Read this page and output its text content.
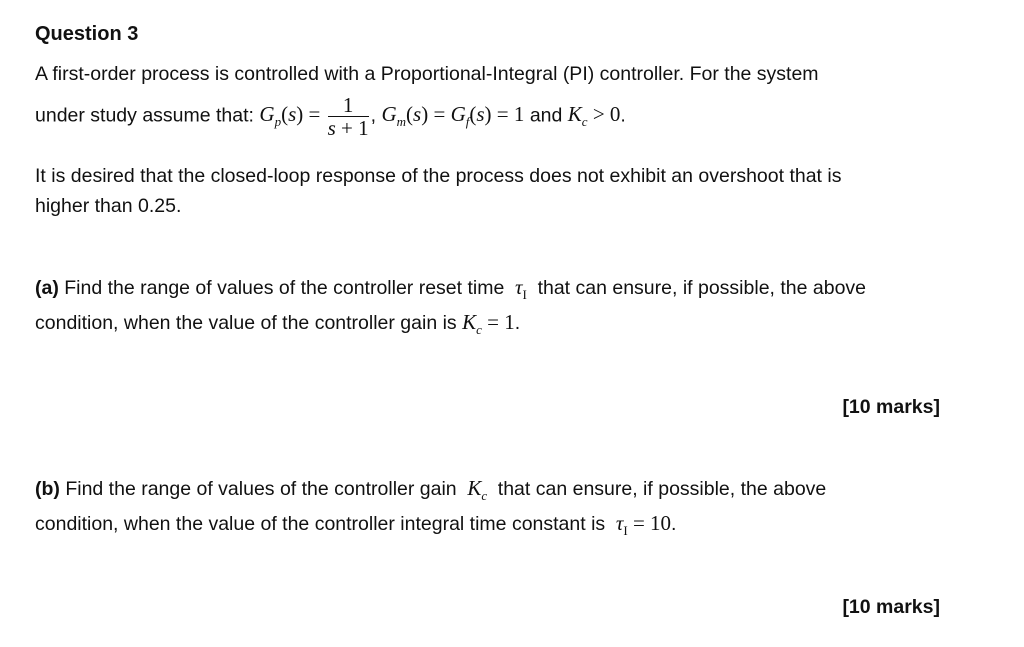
Question 3
A first-order process is controlled with a Proportional-Integral (PI) controller. For the system
under study assume that: $G_p(s) = \frac{1}{s + 1}$ , $G_m(s) = G_f(s) = 1$ and $K_c > 0$.
It is desired that the closed-loop response of the process does not exhibit an overshoot that is
higher than 0.25.
(a) Find the range of values of the controller reset time  $\tau_I$ that can ensure, if possible, the above
condition, when the value of the controller gain is $K_c = 1$.
[10 marks]
(b) Find the range of values of the controller gain  $K_c$ that can ensure, if possible, the above
condition, when the value of the controller integral time constant is  $\tau_I = 10$.
[10 marks]
